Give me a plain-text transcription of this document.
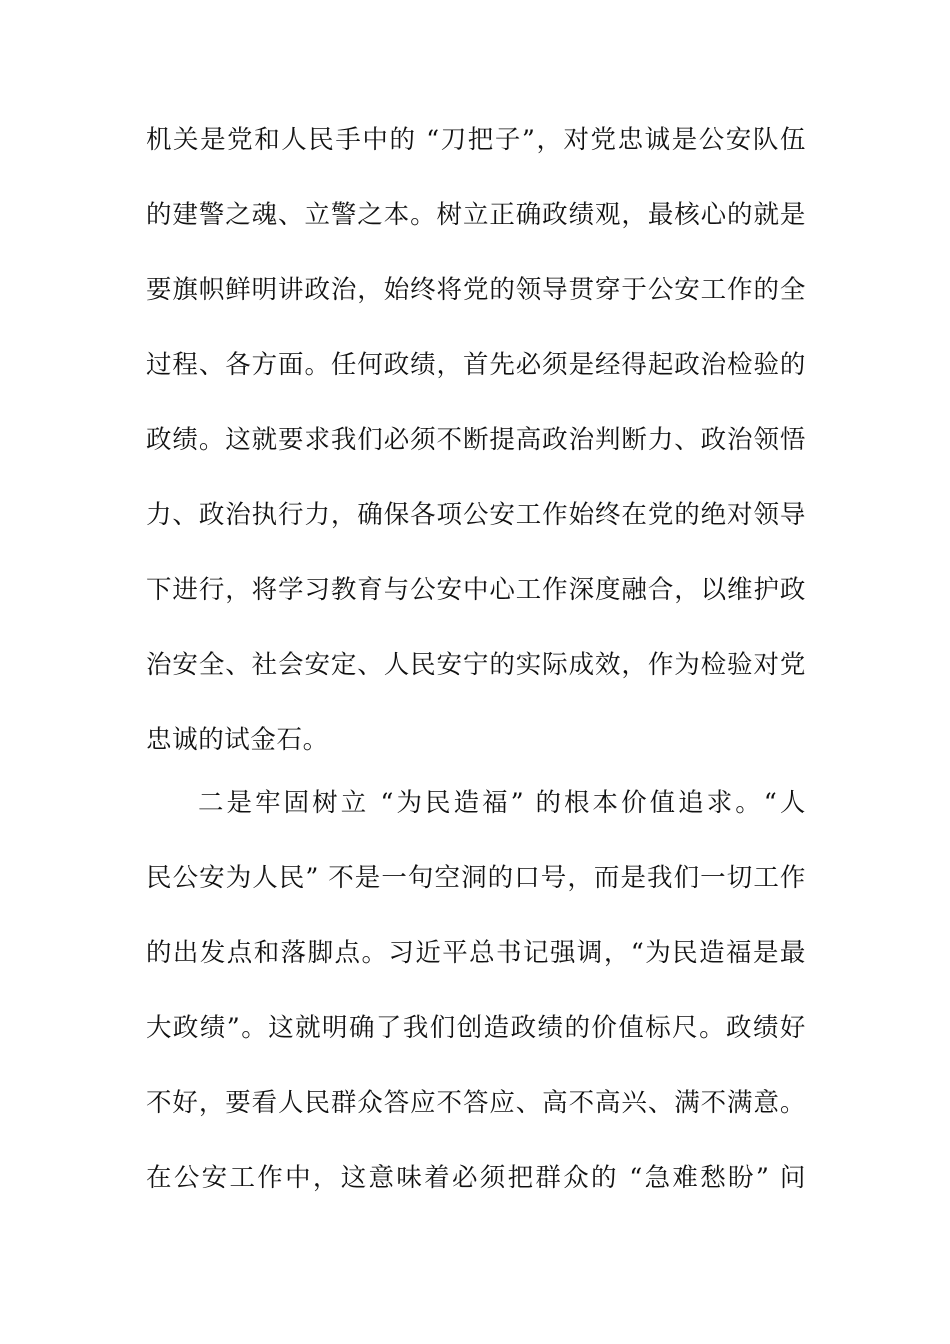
机关是党和人民手中的 “刀把子”，对党忠诚是公安队伍
的建警之魂、立警之本。树立正确政绩观，最核心的就是
要旗帜鲜明讲政治，始终将党的领导贯穿于公安工作的全
过程、各方面。任何政绩，首先必须是经得起政治检验的
政绩。这就要求我们必须不断提高政治判断力、政治领悟
力、政治执行力，确保各项公安工作始终在党的绝对领导
下进行，将学习教育与公安中心工作深度融合，以维护政
治安全、社会安定、人民安宁的实际成效，作为检验对党
忠诚的试金石。
二是牢固树立 “为民造福” 的根本价值追求。“人
民公安为人民” 不是一句空洞的口号，而是我们一切工作
的出发点和落脚点。习近平总书记强调，“为民造福是最
大政绩”。这就明确了我们创造政绩的价值标尺。政绩好
不好，要看人民群众答应不答应、高不高兴、满不满意。
在公安工作中，这意味着必须把群众的 “急难愁盼” 问
